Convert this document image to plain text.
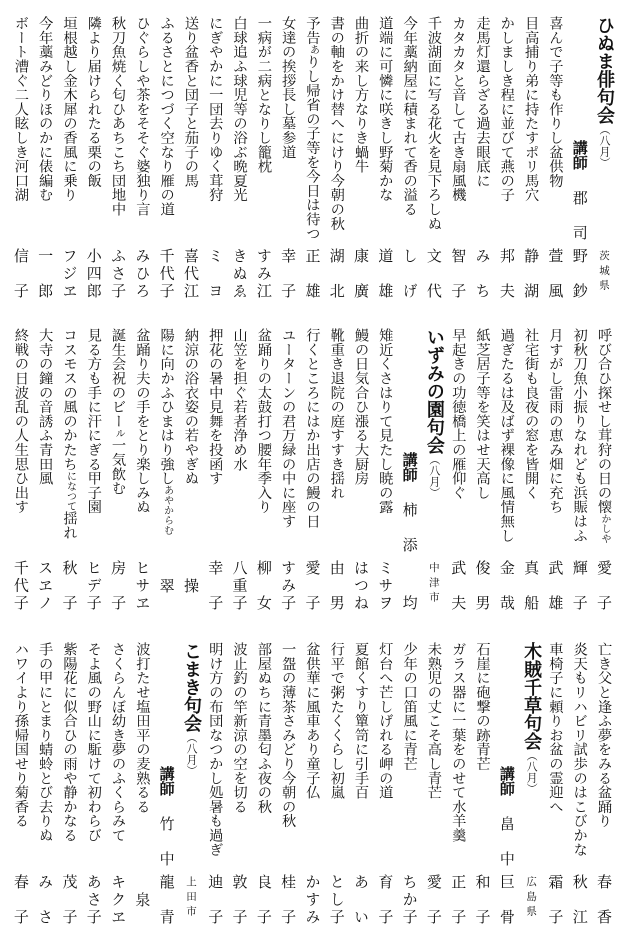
ひぬま俳句会（八月）
茨城県
講師
郡司
野鈔
喜んで子等も作りし盆供物
萱風
目高捕り弟に持たすポリ馬穴
静湖
かしましき程に並びて燕の子
邦夫
走馬灯還らざる過去眼底に
みち
カタカタと音して古き扇風機
智子
千波湖面に写る花火を見下ろしぬ
文代
今年藁納屋に積まれて香の溢る
しげ
道端に可憐に咲きし野菊かな
道雄
曲折の来し方なりき蝸牛
康廣
書の軸をかけ替へにけり今朝の秋
湖北
予告ありし帰省の子等を今日は待つ
正雄
女達の挨拶長し墓参道
幸子
一病が二病となりし籠枕
すみ江
白球追ふ球児等の浴ぶ晩夏光
きぬゑ
にぎやかに一団去りゆく茸狩
ミヨ
送り盆香と団子と茄子の馬
喜代江
ふるさとにつづく空なり雁の道
千代子
ひぐらしや茶をそそぐ婆独り言
みひろ
秋刀魚焼く匂ひあちこち団地中
ふさ子
隣より届けられたる栗の飯
小四郎
垣根越し金木犀の香風に乗り
フジヱ
今年藁みどりほのかに俵編む
一郎
ボート漕ぐ二人眩しき河口湖
信子
呼び合ひ探せし茸狩の日の懐かしや
愛子
初秋刀魚小振りなれども浜賑はふ
輝子
月すがし雷雨の恵み畑に充ち
武雄
社宅街も良夜の窓を皆開く
真船
過ぎたるは及ばず裸像に風情無し
金哉
紙芝居子等を笑はせ天高し
俊男
早起きの功徳橋上の雁仰ぐ
武夫
いずみの園句会（八月）
中津市
講師
柿添
均
雉近くさはりて見たし暁の露
ミサヲ
鰻の日気合ひ漲る大厨房
はつね
靴重き退院の庭すすき揺れ
由男
行くところにはか出店の鰻の日
愛子
ユーターンの君万緑の中に座す
すみ子
盆踊りの太鼓打つ腰年季入り
柳女
山笠を担ぐ若者浄め水
八重子
押花の暑中見舞を投函す
幸子
納涼の浴衣姿の若やぎぬ
操
陽に向かふひまはり強しあやからむ
翠
盆踊り夫の手をとり楽しみぬ
ヒサヱ
誕生会祝のビール一気飲む
房子
見る方も手に汗にぎる甲子園
ヒデ子
コスモスの風のかたちになつて揺れ
秋子
大寺の鐘の音誘ふ青田風
スヱノ
終戦の日波乱の人生思ひ出す
千代子
亡き父と逢ふ夢をみる盆踊り
春香
炎天もリハビリ試歩のはこびかな
秋江
車椅子に頼りお盆の霊迎へ
霜子
木賊千草句会（八月）
広島県
講師
畠中
巨骨
石崖に砲撃の跡青芒
和子
ガラス器に一葉をのせて水羊羹
正子
未熟児の丈こそ高し青芒
愛子
少年の口笛風に青芒
ちか子
灯台へ芒しげれる岬の道
育子
夏館くすり簞笥に引手百
あい
行平で粥たくくらし初嵐
とし子
盆供華に風車あり童子仏
かすみ
一盌の薄茶さみどり今朝の秋
桂子
部屋ぬちに青墨匂ふ夜の秋
良子
波止釣の竿新涼の空を切る
敦子
明け方の布団なつかし処暑も過ぎ
迪子
こまき句会（八月）
上田市
講師
竹中
龍青
波打たせ塩田平の麦熟るる
泉
さくらんぼ幼き夢のふくらみて
キクヱ
そよ風の野山に駈けて初わらび
あさ子
紫陽花に似合ひの雨や静かなる
茂子
手の甲にとまり蜻蛉とび去りぬ
みさ
ハワイより孫帰国せり菊香る
春子
